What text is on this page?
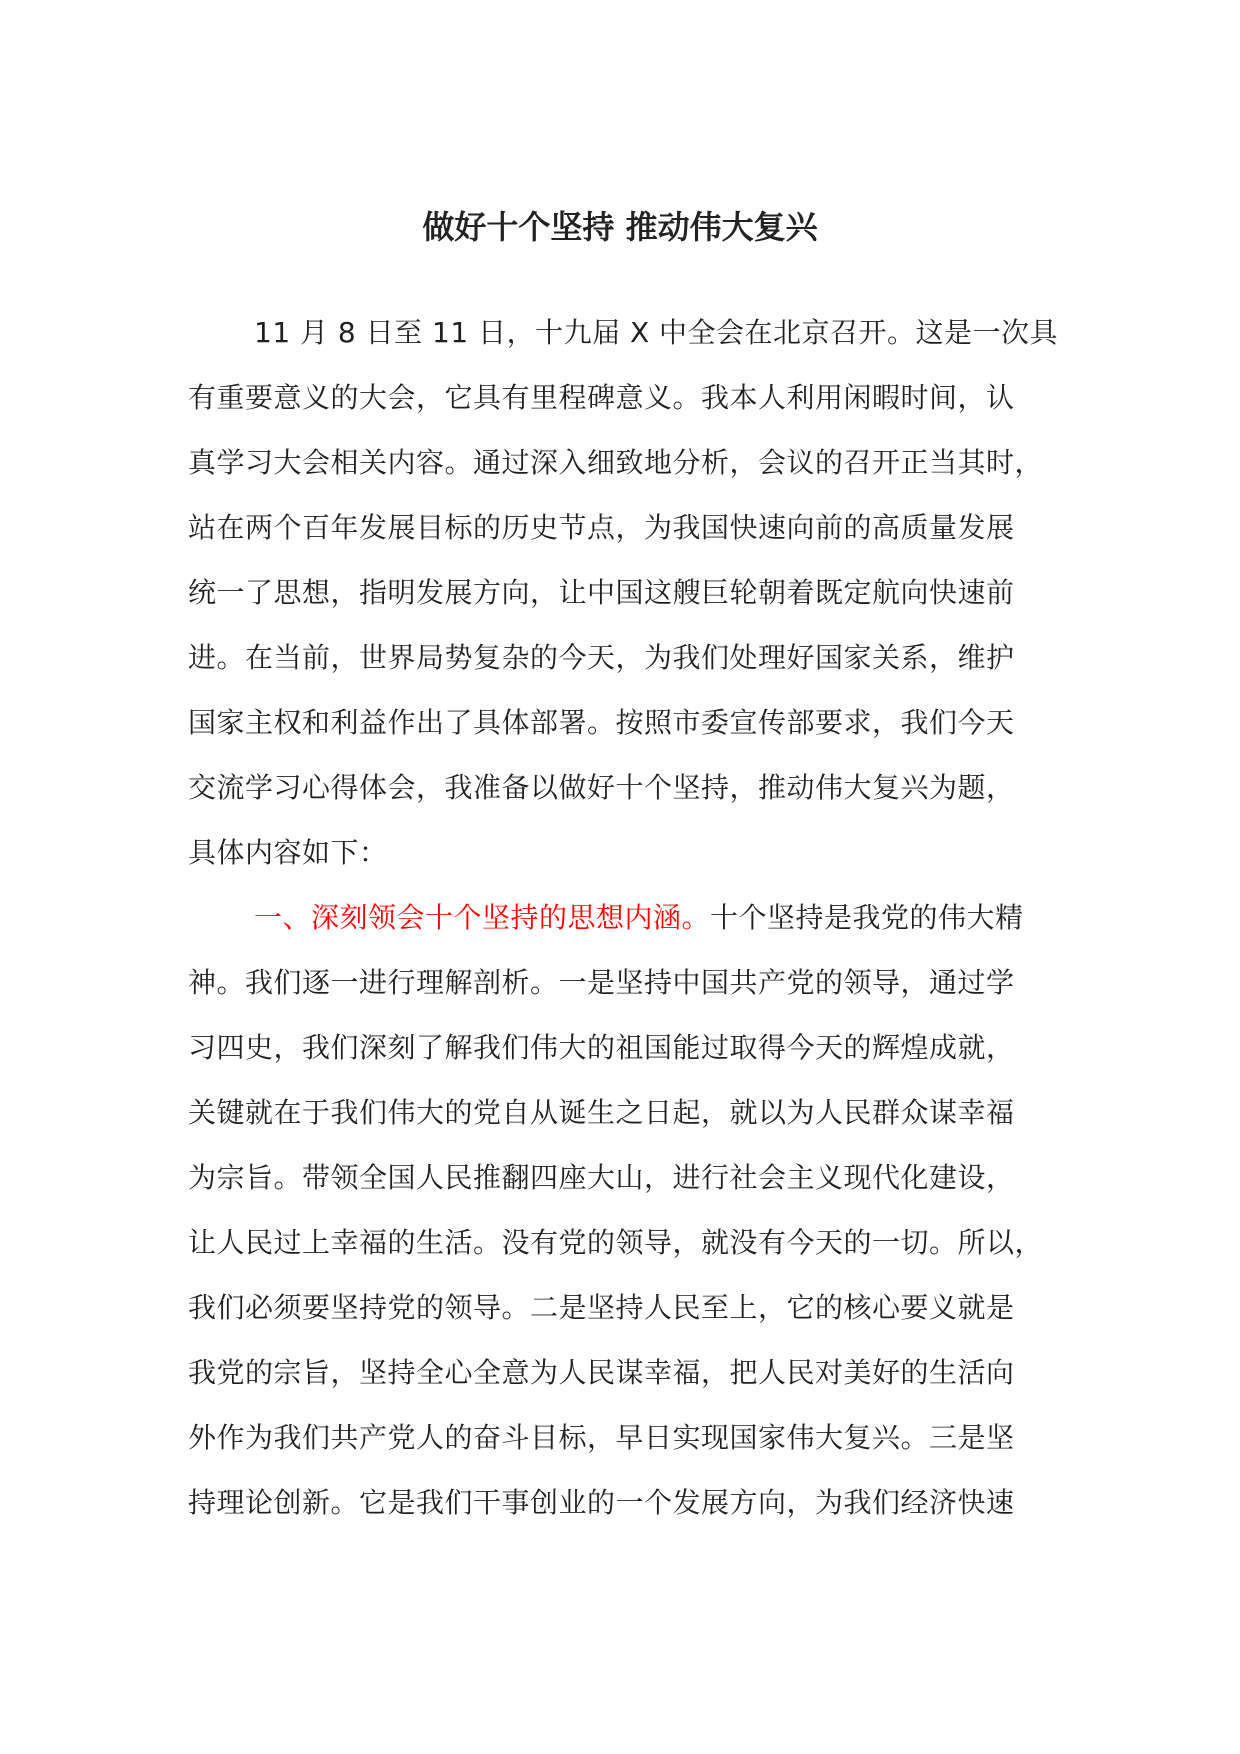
做好十个坚持 推动伟大复兴
11 月 8 日至 11 日，十九届 X 中全会在北京召开。这是一次具
有重要意义的大会，它具有里程碑意义。我本人利用闲暇时间，认
真学习大会相关内容。通过深入细致地分析，会议的召开正当其时，
站在两个百年发展目标的历史节点，为我国快速向前的高质量发展
统一了思想，指明发展方向，让中国这艘巨轮朝着既定航向快速前
进。在当前，世界局势复杂的今天，为我们处理好国家关系，维护
国家主权和利益作出了具体部署。按照市委宣传部要求，我们今天
交流学习心得体会，我准备以做好十个坚持，推动伟大复兴为题，
具体内容如下：
一、深刻领会十个坚持的思想内涵。十个坚持是我党的伟大精
神。我们逐一进行理解剖析。一是坚持中国共产党的领导，通过学
习四史，我们深刻了解我们伟大的祖国能过取得今天的辉煌成就，
关键就在于我们伟大的党自从诞生之日起，就以为人民群众谋幸福
为宗旨。带领全国人民推翻四座大山，进行社会主义现代化建设，
让人民过上幸福的生活。没有党的领导，就没有今天的一切。所以，
我们必须要坚持党的领导。二是坚持人民至上，它的核心要义就是
我党的宗旨，坚持全心全意为人民谋幸福，把人民对美好的生活向
外作为我们共产党人的奋斗目标，早日实现国家伟大复兴。三是坚
持理论创新。它是我们干事创业的一个发展方向，为我们经济快速
